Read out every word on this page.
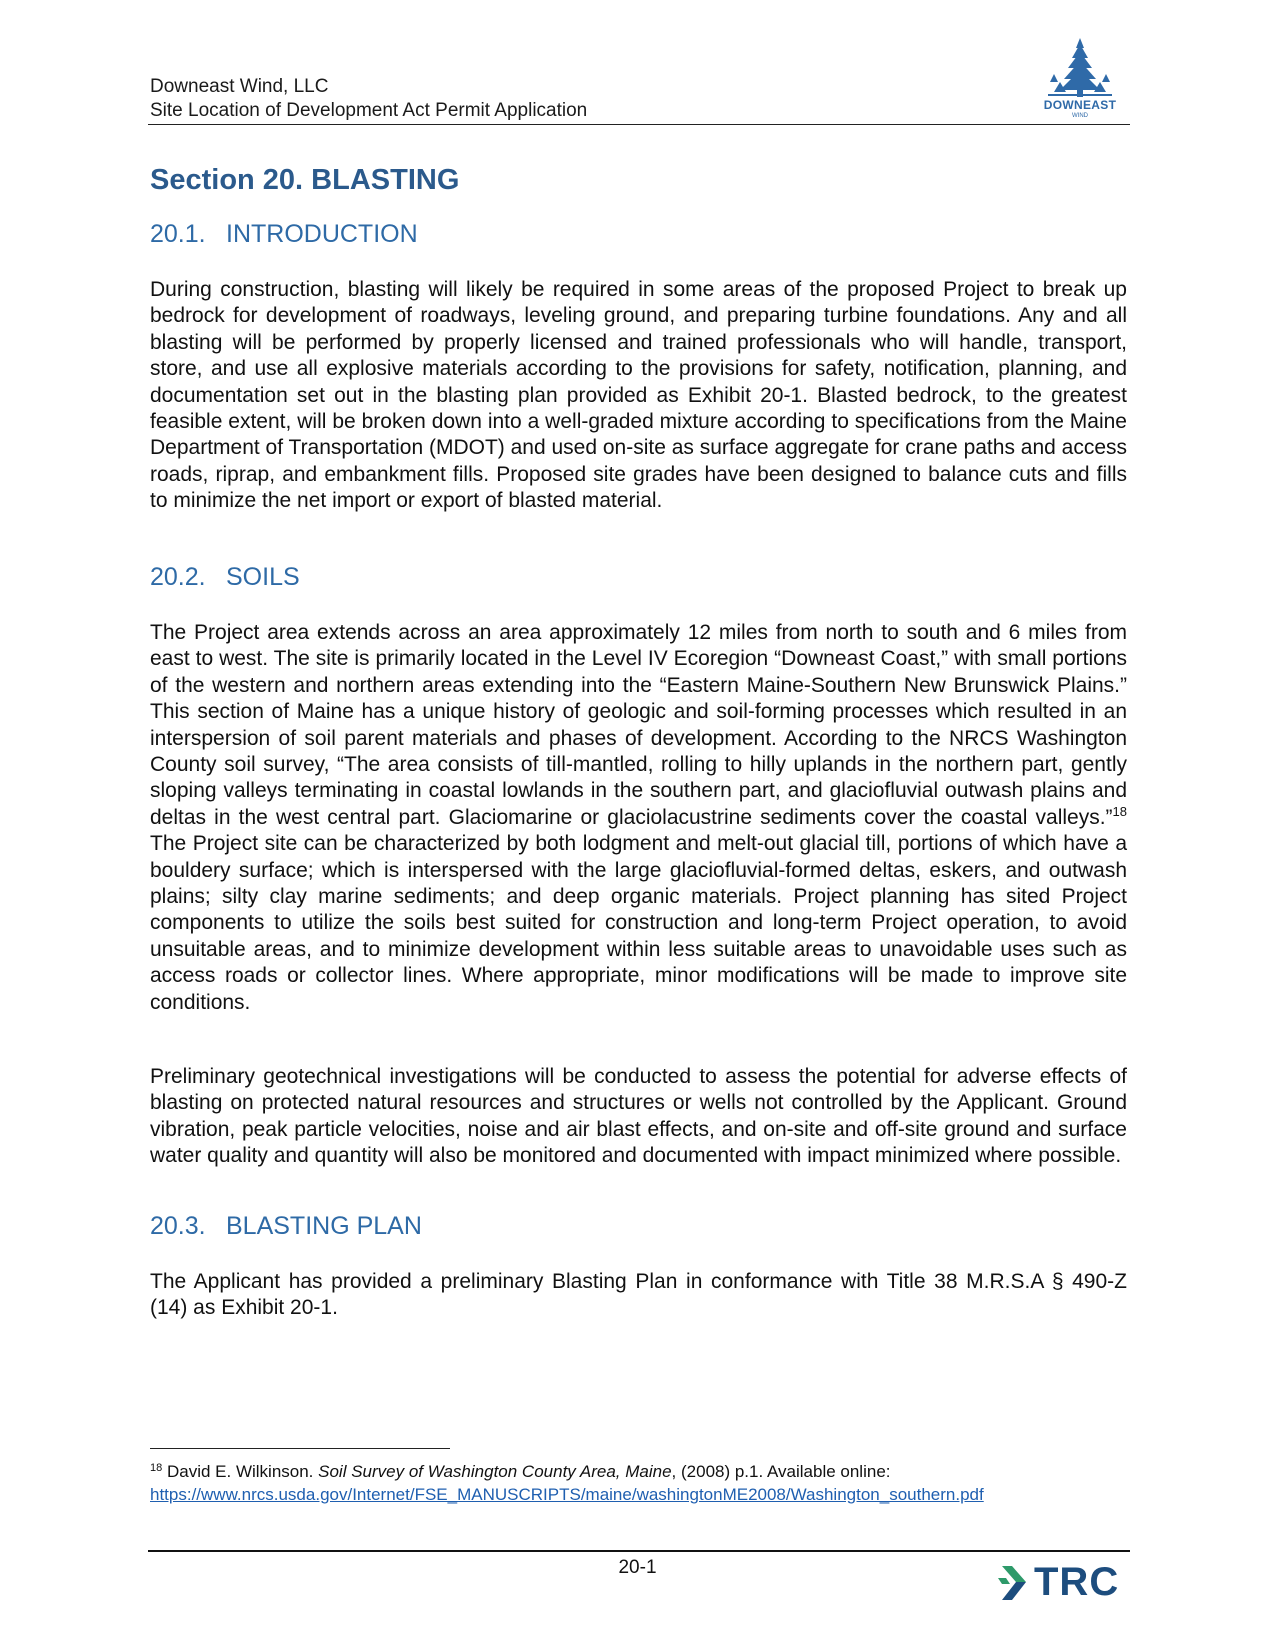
Downeast Wind, LLC
Site Location of Development Act Permit Application	DOWNEAST
WIND
Section 20. BLASTING
20.1. INTRODUCTION
During construction, blasting will likely be required in some areas of the proposed Project to break up bedrock for development of roadways, leveling ground, and preparing turbine foundations. Any and all blasting will be performed by properly licensed and trained professionals who will handle, transport, store, and use all explosive materials according to the provisions for safety, notification, planning, and documentation set out in the blasting plan provided as Exhibit 20-1. Blasted bedrock, to the greatest feasible extent, will be broken down into a well-graded mixture according to specifications from the Maine Department of Transportation (MDOT) and used on-site as surface aggregate for crane paths and access roads, riprap, and embankment fills. Proposed site grades have been designed to balance cuts and fills to minimize the net import or export of blasted material.
20.2. SOILS
The Project area extends across an area approximately 12 miles from north to south and 6 miles from east to west. The site is primarily located in the Level IV Ecoregion “Downeast Coast,” with small portions of the western and northern areas extending into the “Eastern Maine-Southern New Brunswick Plains.” This section of Maine has a unique history of geologic and soil-forming processes which resulted in an interspersion of soil parent materials and phases of development. According to the NRCS Washington County soil survey, “The area consists of till-mantled, rolling to hilly uplands in the northern part, gently sloping valleys terminating in coastal lowlands in the southern part, and glaciofluvial outwash plains and deltas in the west central part. Glaciomarine or glaciolacustrine sediments cover the coastal valleys.”$^{18}$ The Project site can be characterized by both lodgment and melt-out glacial till, portions of which have a bouldery surface; which is interspersed with the large glaciofluvial-formed deltas, eskers, and outwash plains; silty clay marine sediments; and deep organic materials. Project planning has sited Project components to utilize the soils best suited for construction and long-term Project operation, to avoid unsuitable areas, and to minimize development within less suitable areas to unavoidable uses such as access roads or collector lines. Where appropriate, minor modifications will be made to improve site conditions.
Preliminary geotechnical investigations will be conducted to assess the potential for adverse effects of blasting on protected natural resources and structures or wells not controlled by the Applicant. Ground vibration, peak particle velocities, noise and air blast effects, and on-site and off-site ground and surface water quality and quantity will also be monitored and documented with impact minimized where possible.
20.3. BLASTING PLAN
The Applicant has provided a preliminary Blasting Plan in conformance with Title 38 M.R.S.A § 490-Z (14) as Exhibit 20-1.
$^{18}$ David E. Wilkinson. Soil Survey of Washington County Area, Maine, (2008) p.1. Available online:
https://www.nrcs.usda.gov/Internet/FSE_MANUSCRIPTS/maine/washingtonME2008/Washington_southern.pdf
20-1	TRC
